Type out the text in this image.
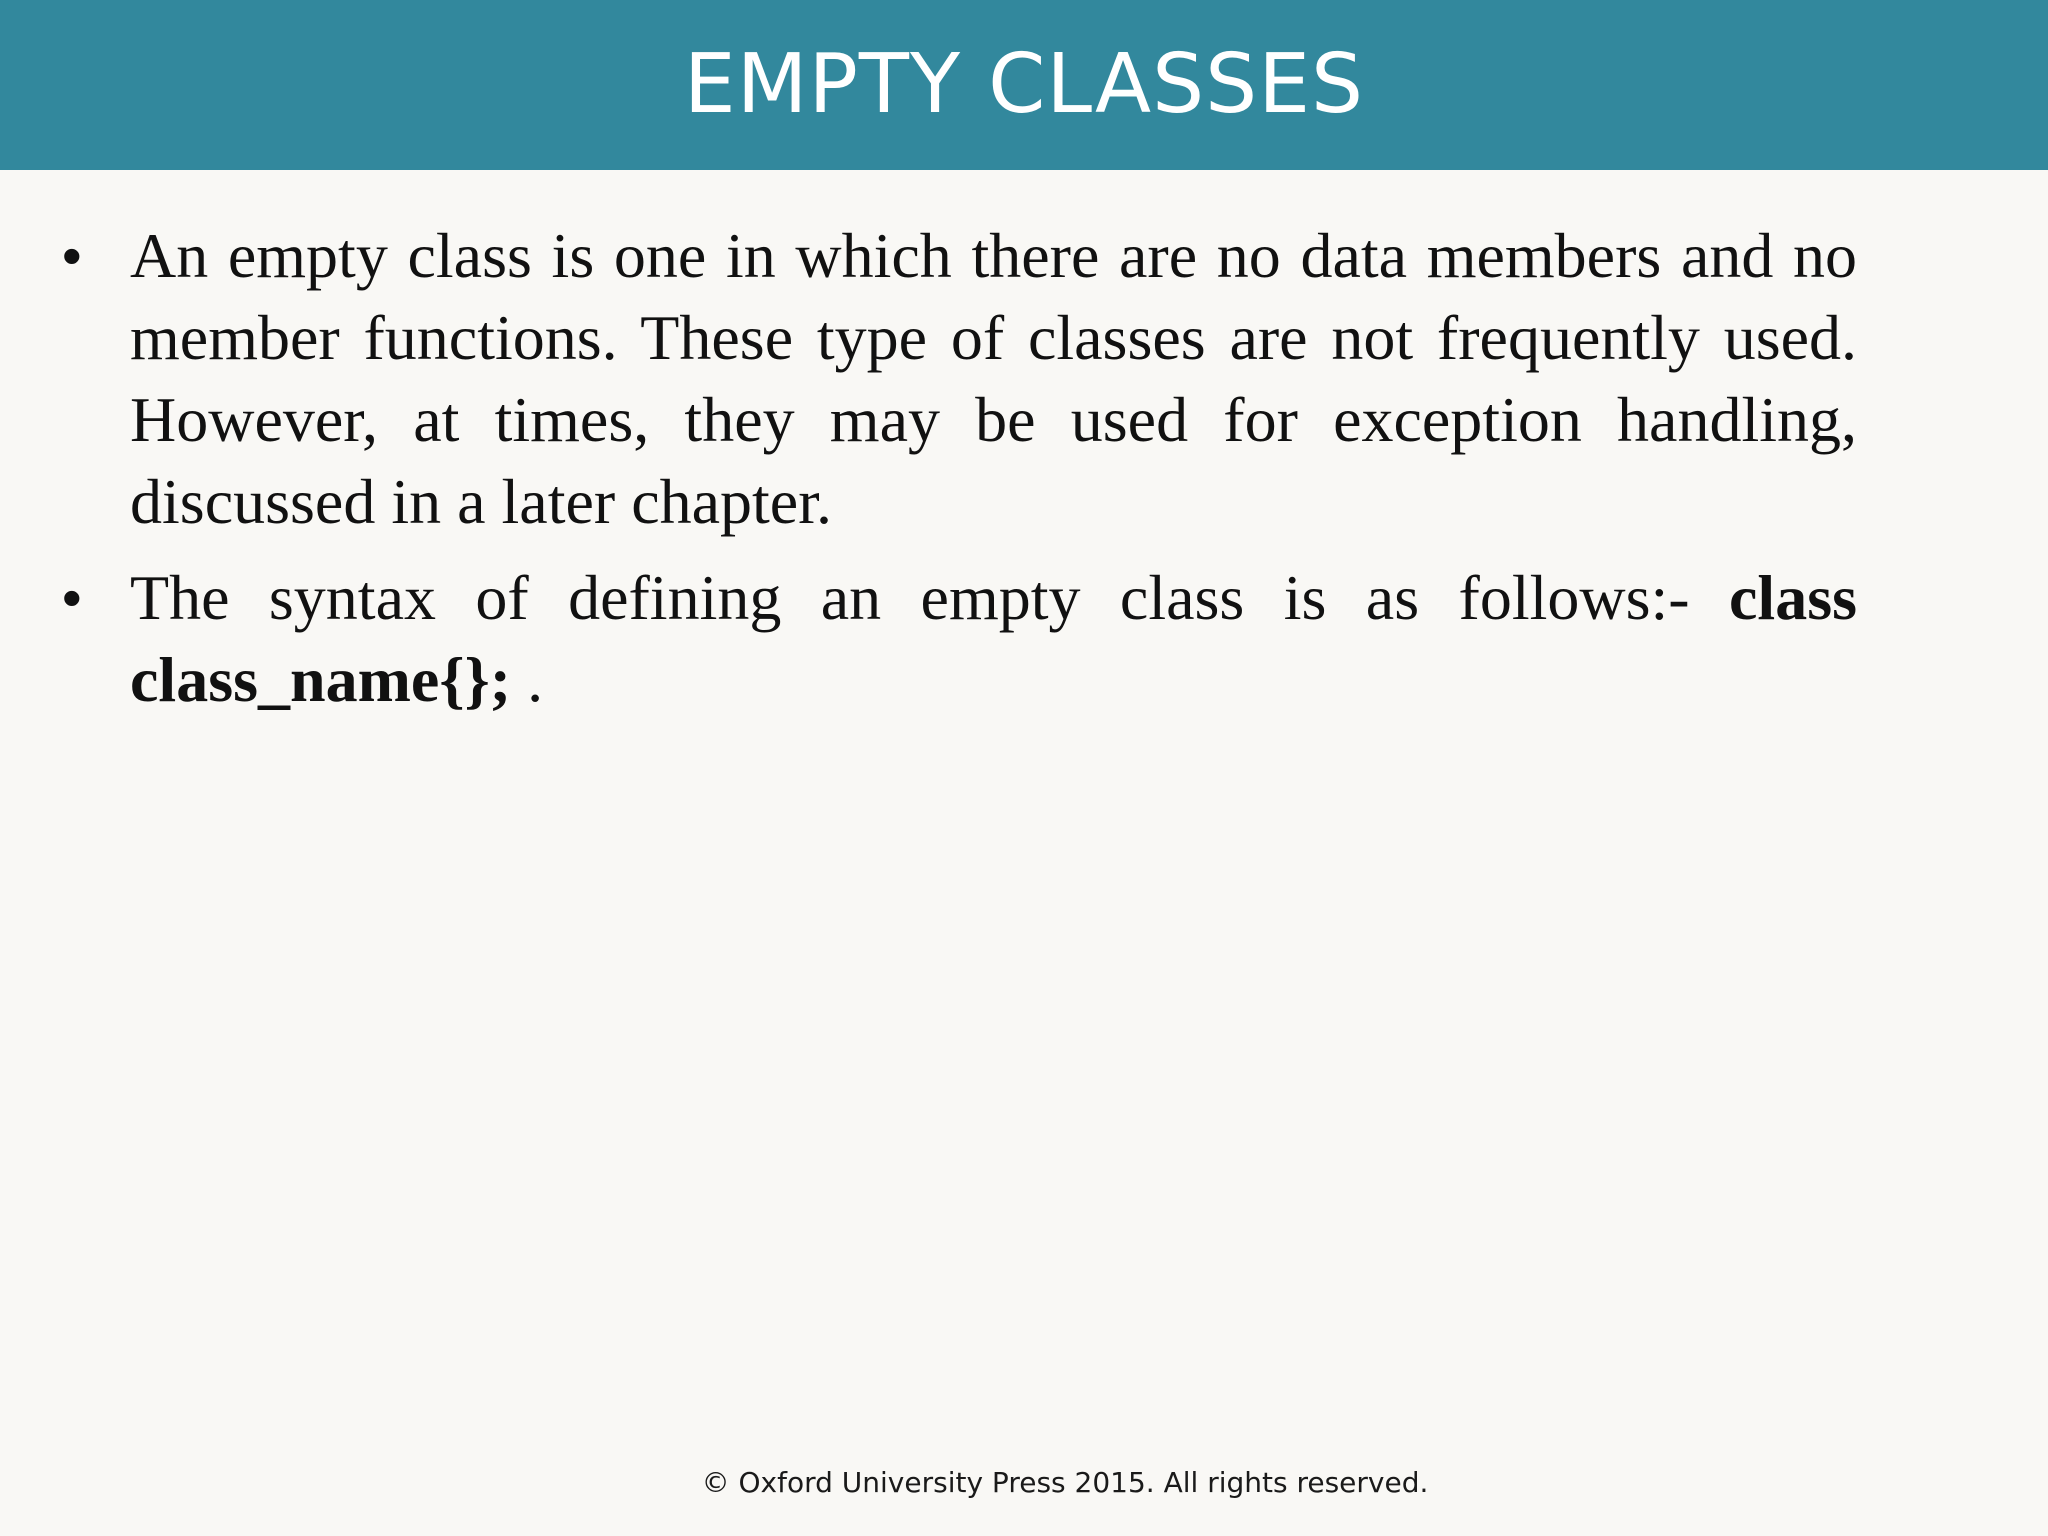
EMPTY CLASSES
• An empty class is one in which there are no data members and no member functions. These type of classes are not frequently used. However, at times, they may be used for exception handling, discussed in a later chapter.
• The syntax of defining an empty class is as follows:- class class_name{}; .
© Oxford University Press 2015. All rights reserved.
